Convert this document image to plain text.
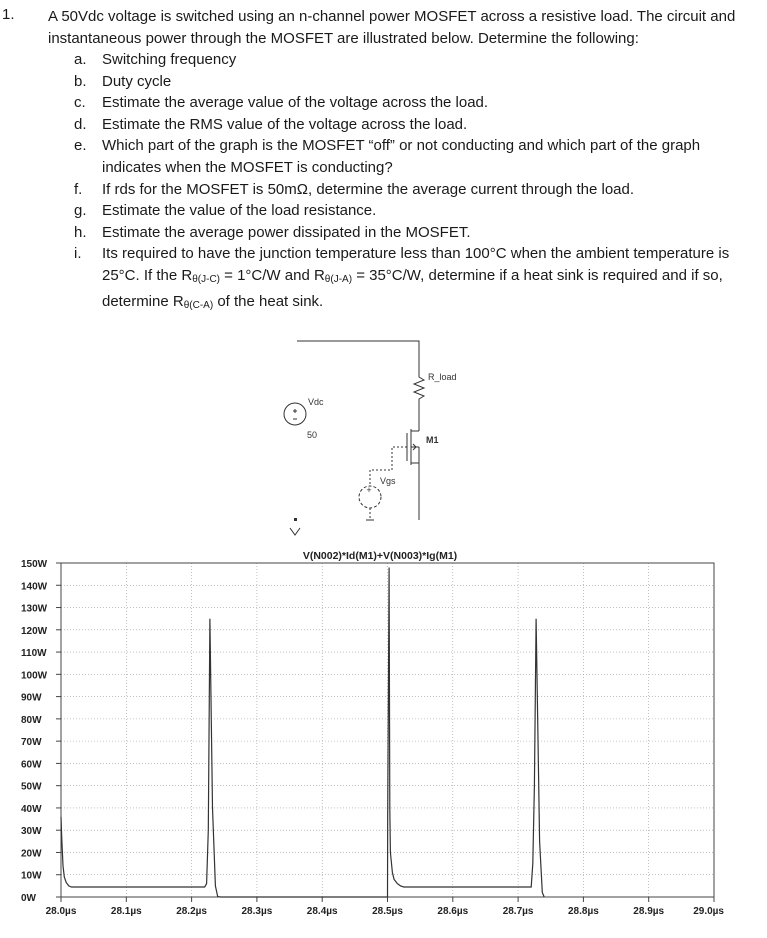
1. A 50Vdc voltage is switched using an n-channel power MOSFET across a resistive load. The circuit and instantaneous power through the MOSFET are illustrated below. Determine the following:
a. Switching frequency
b. Duty cycle
c. Estimate the average value of the voltage across the load.
d. Estimate the RMS value of the voltage across the load.
e. Which part of the graph is the MOSFET “off” or not conducting and which part of the graph indicates when the MOSFET is conducting?
f. If rds for the MOSFET is 50mΩ, determine the average current through the load.
g. Estimate the value of the load resistance.
h. Estimate the average power dissipated in the MOSFET.
i. Its required to have the junction temperature less than 100°C when the ambient temperature is 25°C. If the Rθ(J-C) = 1°C/W and Rθ(J-A) = 35°C/W, determine if a heat sink is required and if so, determine Rθ(C-A) of the heat sink.
+
Vdc
50
R_load
M1
Vgs
V(N002)*Id(M1)+V(N003)*Ig(M1)
0W
10W
20W
30W
40W
50W
60W
70W
80W
90W
100W
110W
120W
130W
140W
150W
28.0µs	28.1µs	28.2µs	28.3µs	28.4µs	28.5µs	28.6µs	28.7µs	28.8µs	28.9µs	29.0µs
